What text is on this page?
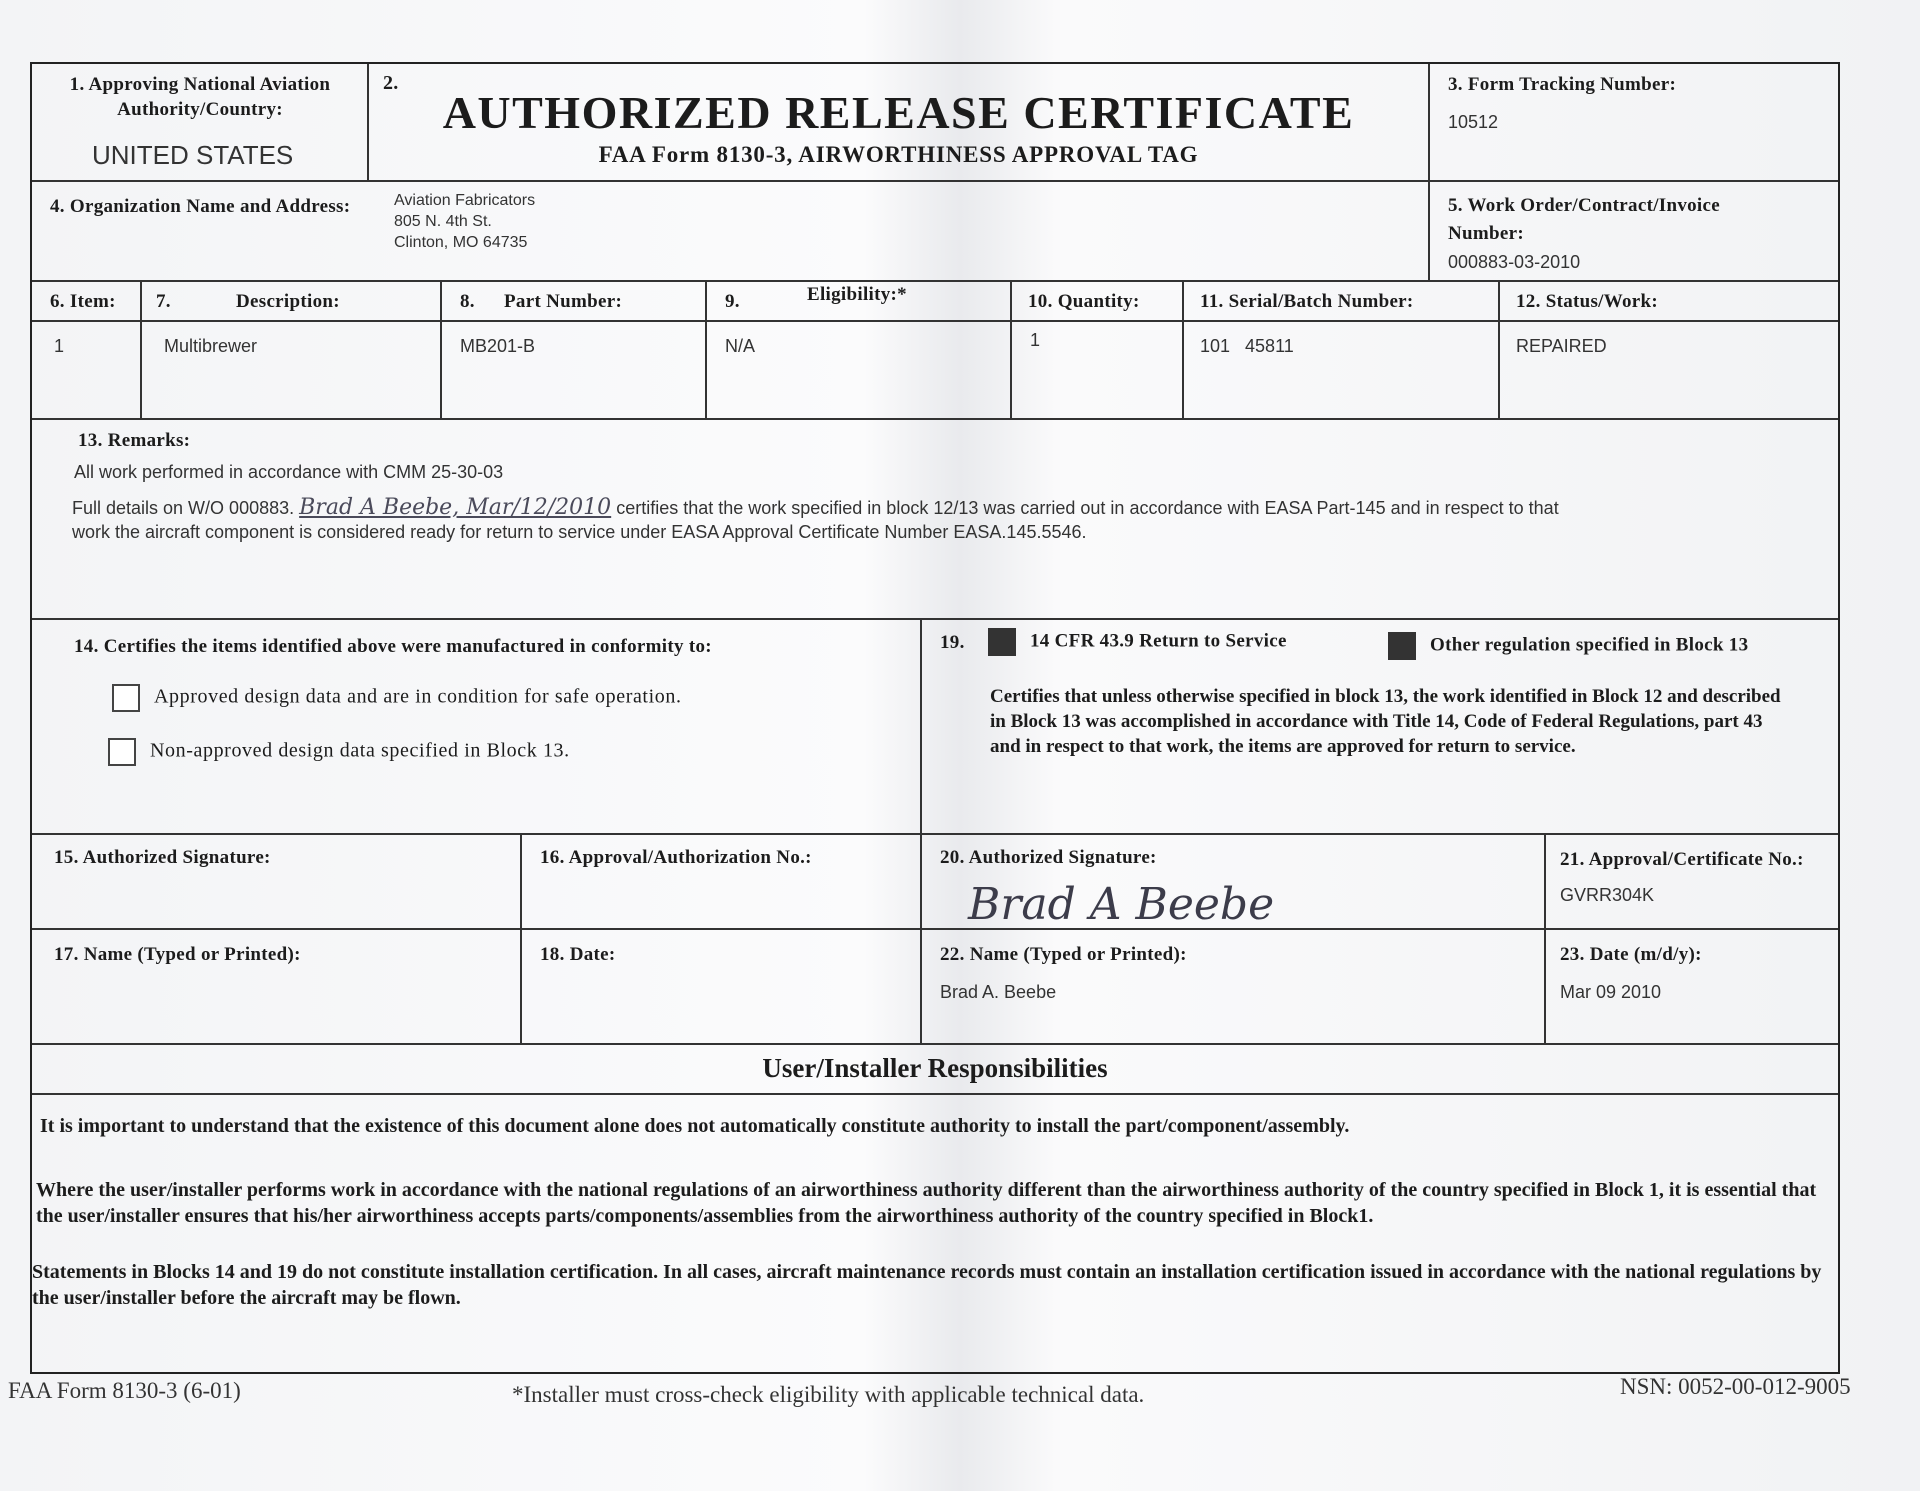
1. Approving National Aviation
Authority/Country:
UNITED STATES
2.
AUTHORIZED RELEASE CERTIFICATE
FAA Form 8130-3, AIRWORTHINESS APPROVAL TAG
3. Form Tracking Number:
10512
4. Organization Name and Address:	Aviation Fabricators
805 N. 4th St.
Clinton, MO 64735
5. Work Order/Contract/Invoice
Number:
000883-03-2010
6. Item: 7.	Description:	8. Part Number:	9.	Eligibility:*	10. Quantity:	11. Serial/Batch Number:	12. Status/Work:
1	Multibrewer	MB201-B	N/A	1	101   45811	REPAIRED
13. Remarks:
All work performed in accordance with CMM 25-30-03
Full details on W/O 000883. Brad A Beebe, Mar/12/2010 certifies that the work specified in block 12/13 was carried out in accordance with EASA Part-145 and in respect to that
work the aircraft component is considered ready for return to service under EASA Approval Certificate Number EASA.145.5546.
14. Certifies the items identified above were manufactured in conformity to:
Approved design data and are in condition for safe operation.
Non-approved design data specified in Block 13.
19.	14 CFR 43.9 Return to Service	Other regulation specified in Block 13
Certifies that unless otherwise specified in block 13, the work identified in Block 12 and described in Block 13 was accomplished in accordance with Title 14, Code of Federal Regulations, part 43 and in respect to that work, the items are approved for return to service.
15. Authorized Signature:	16. Approval/Authorization No.:	20. Authorized Signature:
Brad A Beebe
21. Approval/Certificate No.:
GVRR304K
17. Name (Typed or Printed):	18. Date:	22. Name (Typed or Printed):
Brad A. Beebe
23. Date (m/d/y):
Mar 09 2010
User/Installer Responsibilities
It is important to understand that the existence of this document alone does not automatically constitute authority to install the part/component/assembly.
Where the user/installer performs work in accordance with the national regulations of an airworthiness authority different than the airworthiness authority of the country specified in Block 1, it is essential that the user/installer ensures that his/her airworthiness accepts parts/components/assemblies from the airworthiness authority of the country specified in Block1.
Statements in Blocks 14 and 19 do not constitute installation certification. In all cases, aircraft maintenance records must contain an installation certification issued in accordance with the national regulations by the user/installer before the aircraft may be flown.
FAA Form 8130-3 (6-01)	*Installer must cross-check eligibility with applicable technical data.	NSN: 0052-00-012-9005
